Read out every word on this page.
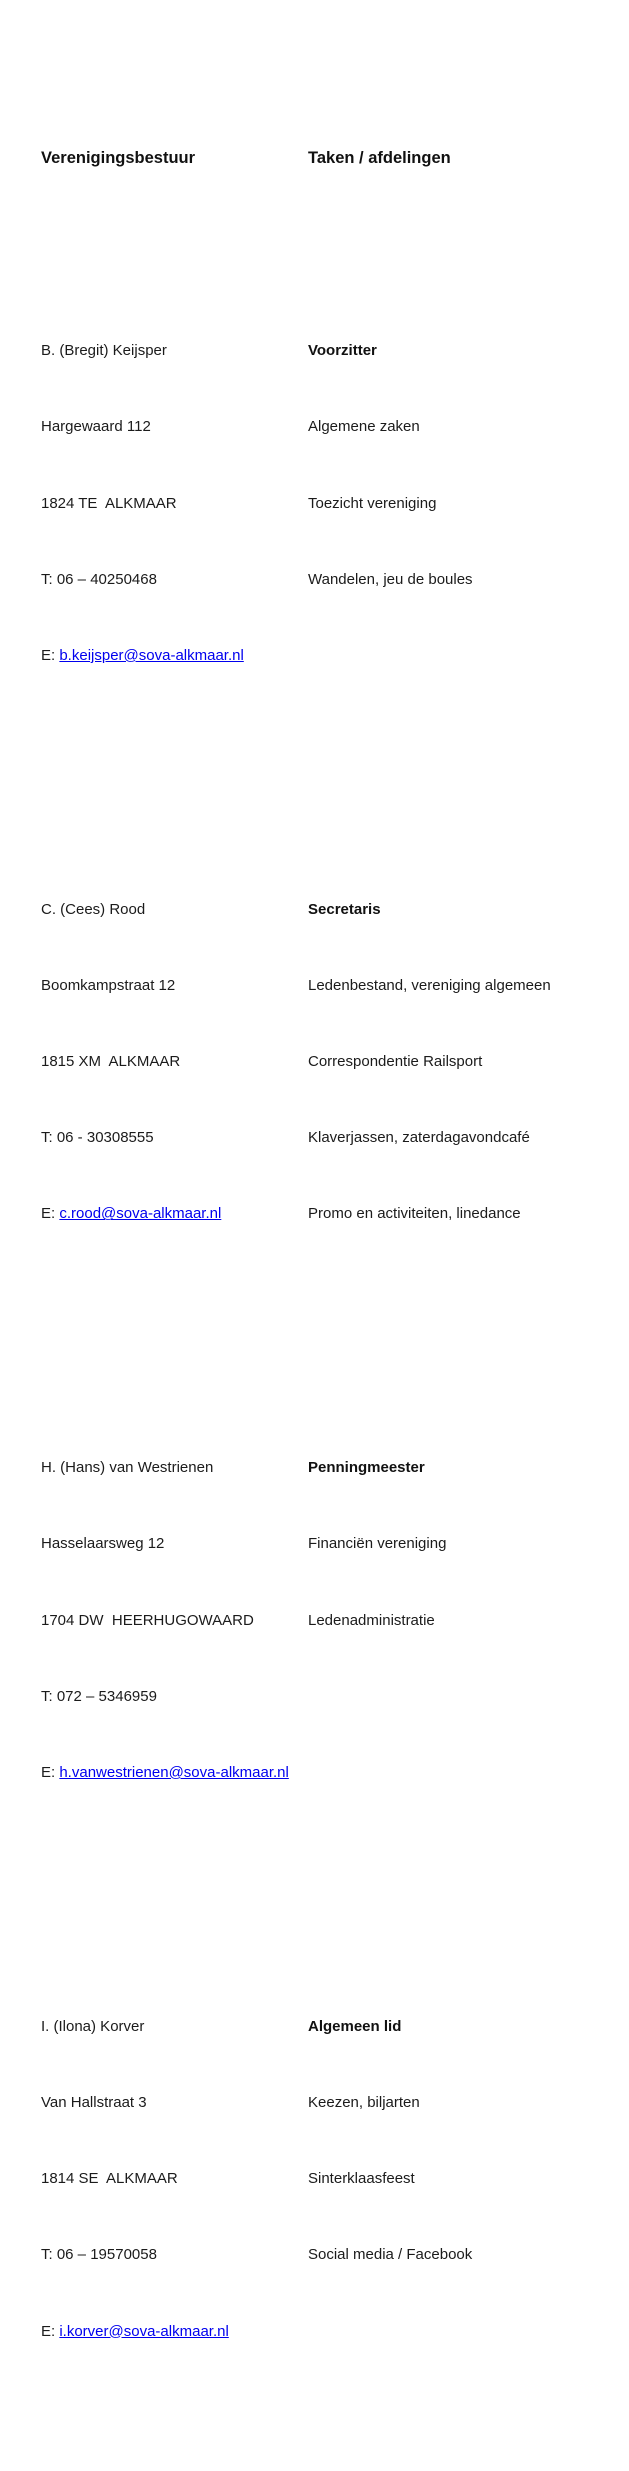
Verenigingsbestuur	Taken / afdelingen

B. (Bregit) Keijsper

Hargewaard 112

1824 TE  ALKMAAR

T: 06 – 40250468

E: b.keijsper@sova-alkmaar.nl

Voorzitter

Algemene zaken

Toezicht vereniging

Wandelen, jeu de boules

C. (Cees) Rood

Boomkampstraat 12

1815 XM  ALKMAAR

T: 06 - 30308555

E: c.rood@sova-alkmaar.nl

Secretaris

Ledenbestand, vereniging algemeen

Correspondentie Railsport

Klaverjassen, zaterdagavondcafé

Promo en activiteiten, linedance

H. (Hans) van Westrienen

Hasselaarsweg 12

1704 DW  HEERHUGOWAARD

T: 072 – 5346959

E: h.vanwestrienen@sova-alkmaar.nl

Penningmeester

Financiën vereniging

Ledenadministratie

I. (Ilona) Korver

Van Hallstraat 3

1814 SE  ALKMAAR

T: 06 – 19570058

E: i.korver@sova-alkmaar.nl

Algemeen lid

Keezen, biljarten

Sinterklaasfeest

Social media / Facebook
